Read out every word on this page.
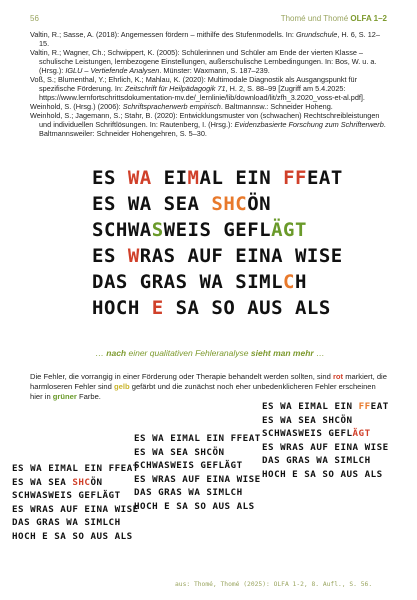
56	Thomé und Thomé OLFA 1–2
Valtin, R.; Sasse, A. (2018): Angemessen fördern – mithilfe des Stufenmodells. In: Grundschule, H. 6, S. 12–15.
Valtin, R.; Wagner, Ch.; Schwippert, K. (2005): Schülerinnen und Schüler am Ende der vierten Klasse – schulische Leistungen, lernbezogene Einstellungen, außerschulische Lernbedingungen. In: Bos, W. u. a. (Hrsg.): IGLU – Vertiefende Analysen. Münster: Waxmann, S. 187–239.
Voß, S.; Blumenthal, Y.; Ehrlich, K.; Mahlau, K. (2020): Multimodale Diagnostik als Ausgangspunkt für spezifische Förderung. In: Zeitschrift für Heilpädagogik 71, H. 2, S. 88–99 [Zugriff am 5.4.2025: https://www.lernfortschrittsdokumentation-mv.de/_lernlinie/lib/download/lit/zfh_3.2020_voss-et-al.pdf].
Weinhold, S. (Hrsg.) (2006): Schriftspracherwerb empirisch. Baltmannsw.: Schneider Hoheng.
Weinhold, S.; Jagemann, S.; Stahr, B. (2020): Entwicklungsmuster von (schwachen) Rechtschreibleistungen und individuellen Schriftlösungen. In: Rautenberg, I. (Hrsg.): Evidenzbasierte Forschung zum Schrifterwerb. Baltmannsweiler: Schneider Hohengehren, S. 5–30.
ES WA EIMAL EIN FFEAT
ES WA SEA SHCÖN
SCHWASWEIS GEFLÄGT
ES WRAS AUF EINA WISE
DAS GRAS WA SIMLCH
HOCH E SA SO AUS ALS
… nach einer qualitativen Fehleranalyse sieht man mehr …
Die Fehler, die vorrangig in einer Förderung oder Therapie behandelt werden sollten, sind rot markiert, die harmloseren Fehler sind gelb gefärbt und die zunächst noch eher unbedenklicheren Fehler erscheinen hier in grüner Farbe.
ES WA EIMAL EIN FFEAT
ES WA SEA SHCÖN
SCHWASWEIS GEFLÄGT
ES WRAS AUF EINA WISE
DAS GRAS WA SIMLCH
HOCH E SA SO AUS ALS
ES WA EIMAL EIN FFEAT
ES WA SEA SHCÖN
SCHWASWEIS GEFLÄGT
ES WRAS AUF EINA WISE
DAS GRAS WA SIMLCH
HOCH E SA SO AUS ALS
ES WA EIMAL EIN FFEAT
ES WA SEA SHCÖN
SCHWASWEIS GEFLÄGT
ES WRAS AUF EINA WISE
DAS GRAS WA SIMLCH
HOCH E SA SO AUS ALS
aus: Thomé, Thomé (2025): OLFA 1-2, 8. Aufl., S. 56.
